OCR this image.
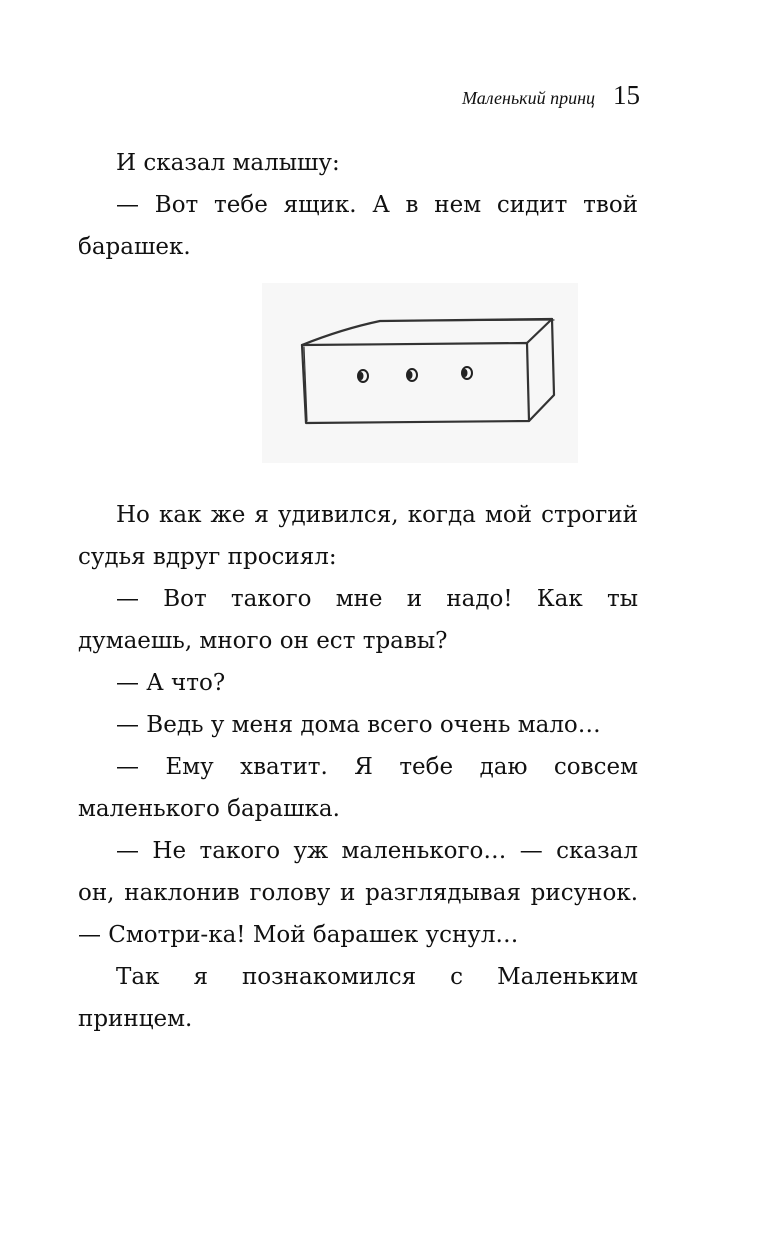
Маленький принц 15

И сказал малышу:

— Вот тебе ящик. А в нем сидит твой барашек.

Но как же я удивился, когда мой строгий судья вдруг просиял:

— Вот такого мне и надо! Как ты думаешь, много он ест травы?

— А что?

— Ведь у меня дома всего очень мало…

— Ему хватит. Я тебе даю совсем маленького барашка.

— Не такого уж маленького… — сказал он, наклонив голову и разглядывая рисунок. — Смотри-ка! Мой барашек уснул…

Так я познакомился с Маленьким принцем.
